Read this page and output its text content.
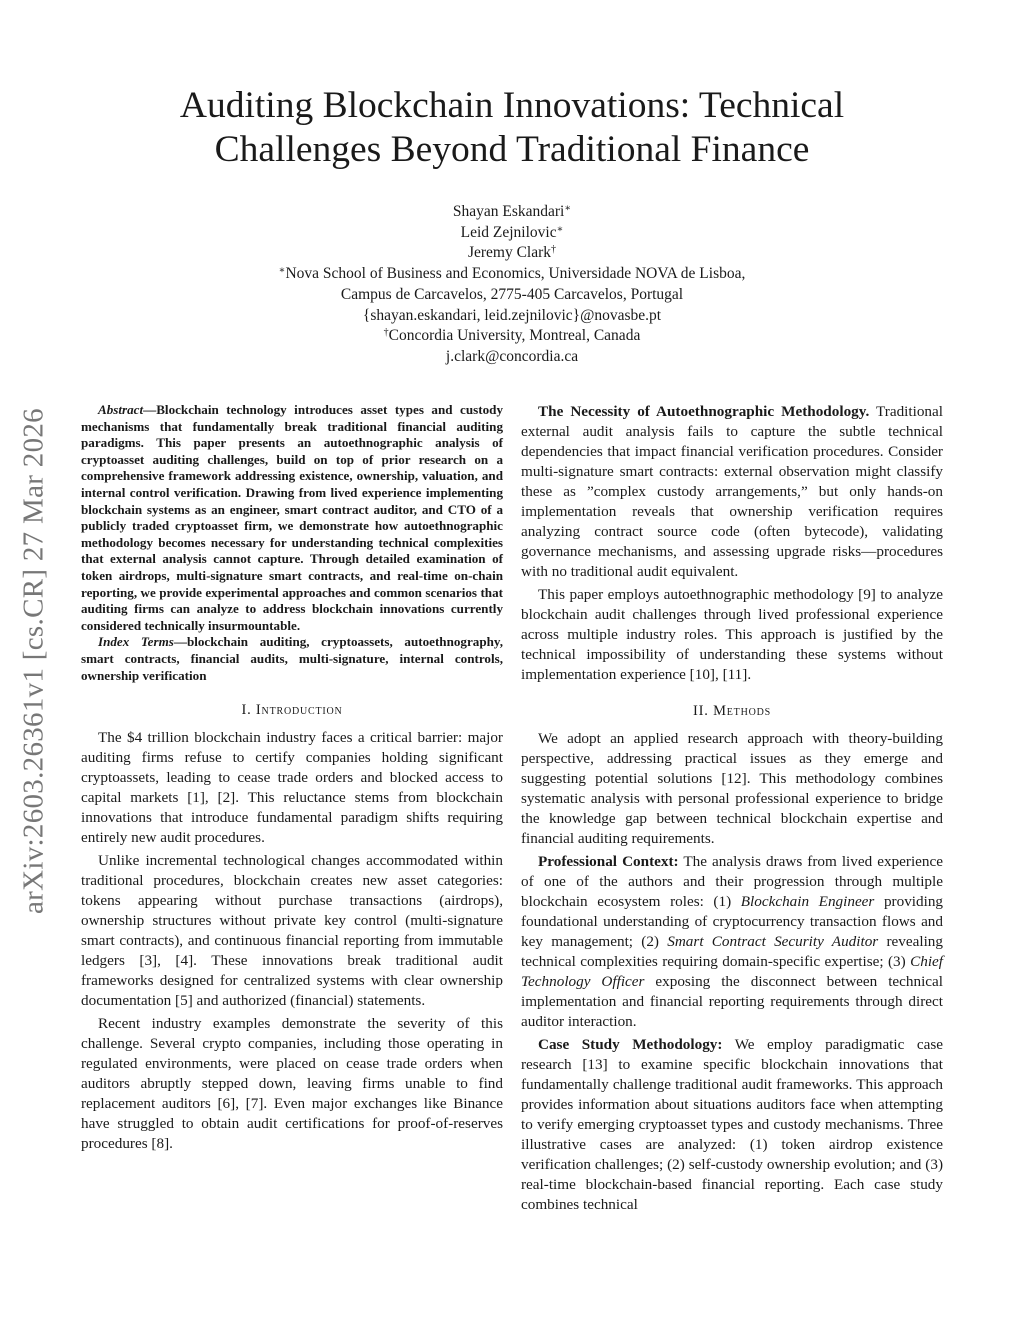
arXiv:2603.26361v1 [cs.CR] 27 Mar 2026
Auditing Blockchain Innovations: Technical
Challenges Beyond Traditional Finance
Shayan Eskandari∗
Leid Zejnilovic∗
Jeremy Clark†
∗Nova School of Business and Economics, Universidade NOVA de Lisboa,
Campus de Carcavelos, 2775-405 Carcavelos, Portugal
{shayan.eskandari, leid.zejnilovic}@novasbe.pt
†Concordia University, Montreal, Canada
j.clark@concordia.ca
Abstract—Blockchain technology introduces asset types and custody mechanisms that fundamentally break traditional financial auditing paradigms. This paper presents an autoethnographic analysis of cryptoasset auditing challenges, build on top of prior research on a comprehensive framework addressing existence, ownership, valuation, and internal control verification. Drawing from lived experience implementing blockchain systems as an engineer, smart contract auditor, and CTO of a publicly traded cryptoasset firm, we demonstrate how autoethnographic methodology becomes necessary for understanding technical complexities that external analysis cannot capture. Through detailed examination of token airdrops, multi-signature smart contracts, and real-time on-chain reporting, we provide experimental approaches and common scenarios that auditing firms can analyze to address blockchain innovations currently considered technically insurmountable.
Index Terms—blockchain auditing, cryptoassets, autoethnography, smart contracts, financial audits, multi-signature, internal controls, ownership verification
I. Introduction

The $4 trillion blockchain industry faces a critical barrier: major auditing firms refuse to certify companies holding significant cryptoassets, leading to cease trade orders and blocked access to capital markets [1], [2]. This reluctance stems from blockchain innovations that introduce fundamental paradigm shifts requiring entirely new audit procedures.

Unlike incremental technological changes accommodated within traditional procedures, blockchain creates new asset categories: tokens appearing without purchase transactions (airdrops), ownership structures without private key control (multi-signature smart contracts), and continuous financial reporting from immutable ledgers [3], [4]. These innovations break traditional audit frameworks designed for centralized systems with clear ownership documentation [5] and authorized (financial) statements.

Recent industry examples demonstrate the severity of this challenge. Several crypto companies, including those operating in regulated environments, were placed on cease trade orders when auditors abruptly stepped down, leaving firms unable to find replacement auditors [6], [7]. Even major exchanges like Binance have struggled to obtain audit certifications for proof-of-reserves procedures [8].

The Necessity of Autoethnographic Methodology. Traditional external audit analysis fails to capture the subtle technical dependencies that impact financial verification procedures. Consider multi-signature smart contracts: external observation might classify these as ”complex custody arrangements,” but only hands-on implementation reveals that ownership verification requires analyzing contract source code (often bytecode), validating governance mechanisms, and assessing upgrade risks—procedures with no traditional audit equivalent.

This paper employs autoethnographic methodology [9] to analyze blockchain audit challenges through lived professional experience across multiple industry roles. This approach is justified by the technical impossibility of understanding these systems without implementation experience [10], [11].

II. Methods

We adopt an applied research approach with theory-building perspective, addressing practical issues as they emerge and suggesting potential solutions [12]. This methodology combines systematic analysis with personal professional experience to bridge the knowledge gap between technical blockchain expertise and financial auditing requirements.

Professional Context: The analysis draws from lived experience of one of the authors and their progression through multiple blockchain ecosystem roles: (1) Blockchain Engineer providing foundational understanding of cryptocurrency transaction flows and key management; (2) Smart Contract Security Auditor revealing technical complexities requiring domain-specific expertise; (3) Chief Technology Officer exposing the disconnect between technical implementation and financial reporting requirements through direct auditor interaction.

Case Study Methodology: We employ paradigmatic case research [13] to examine specific blockchain innovations that fundamentally challenge traditional audit frameworks. This approach provides information about situations auditors face when attempting to verify emerging cryptoasset types and custody mechanisms. Three illustrative cases are analyzed: (1) token airdrop existence verification challenges; (2) self-custody ownership evolution; and (3) real-time blockchain-based financial reporting. Each case study combines technical
